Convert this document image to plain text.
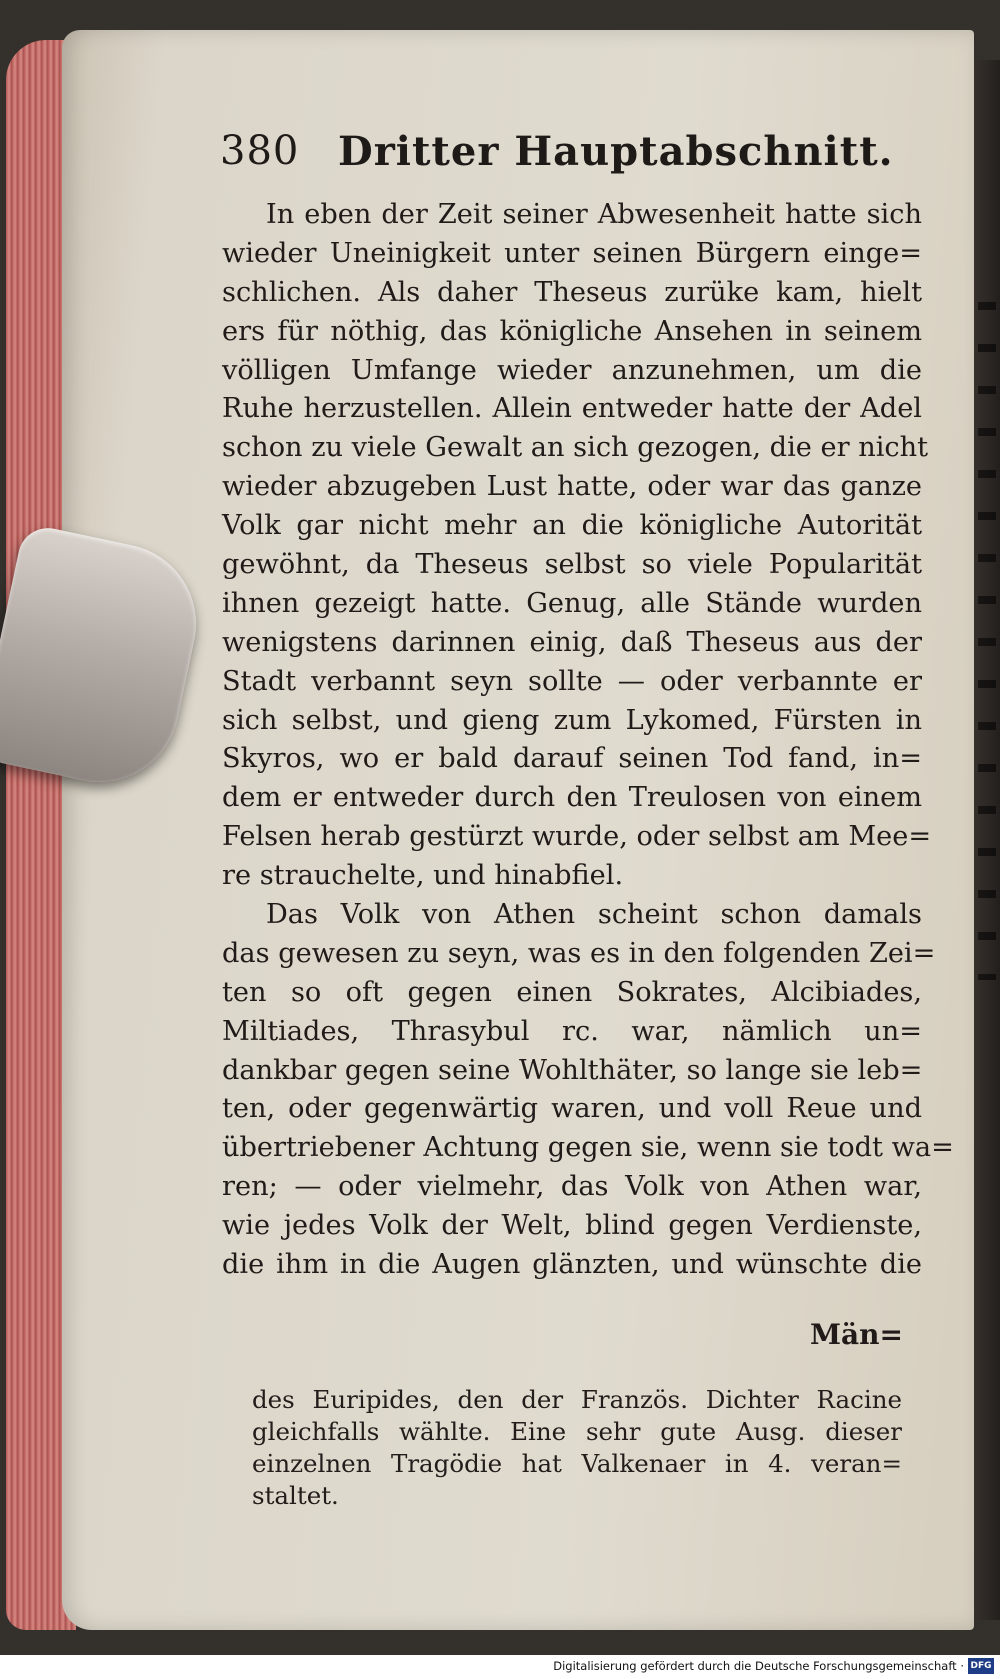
380 Dritter Hauptabschnitt.
In eben der Zeit seiner Abwesenheit hatte sich
wieder Uneinigkeit unter seinen Bürgern einge=
schlichen. Als daher Theseus zurüke kam, hielt
ers für nöthig, das königliche Ansehen in seinem
völligen Umfange wieder anzunehmen, um die
Ruhe herzustellen. Allein entweder hatte der Adel
schon zu viele Gewalt an sich gezogen, die er nicht
wieder abzugeben Lust hatte, oder war das ganze
Volk gar nicht mehr an die königliche Autorität
gewöhnt, da Theseus selbst so viele Popularität
ihnen gezeigt hatte. Genug, alle Stände wurden
wenigstens darinnen einig, daß Theseus aus der
Stadt verbannt seyn sollte — oder verbannte er
sich selbst, und gieng zum Lykomed, Fürsten in
Skyros, wo er bald darauf seinen Tod fand, in=
dem er entweder durch den Treulosen von einem
Felsen herab gestürzt wurde, oder selbst am Mee=
re strauchelte, und hinabfiel.
Das Volk von Athen scheint schon damals
das gewesen zu seyn, was es in den folgenden Zei=
ten so oft gegen einen Sokrates, Alcibiades,
Miltiades, Thrasybul rc. war, nämlich un=
dankbar gegen seine Wohlthäter, so lange sie leb=
ten, oder gegenwärtig waren, und voll Reue und
übertriebener Achtung gegen sie, wenn sie todt wa=
ren; — oder vielmehr, das Volk von Athen war,
wie jedes Volk der Welt, blind gegen Verdienste,
die ihm in die Augen glänzten, und wünschte die
Män=
des Euripides, den der Französ. Dichter Racine
gleichfalls wählte. Eine sehr gute Ausg. dieser
einzelnen Tragödie hat Valkenaer in 4. veran=
staltet.
Digitalisierung gefördert durch die Deutsche Forschungsgemeinschaft · DFG
